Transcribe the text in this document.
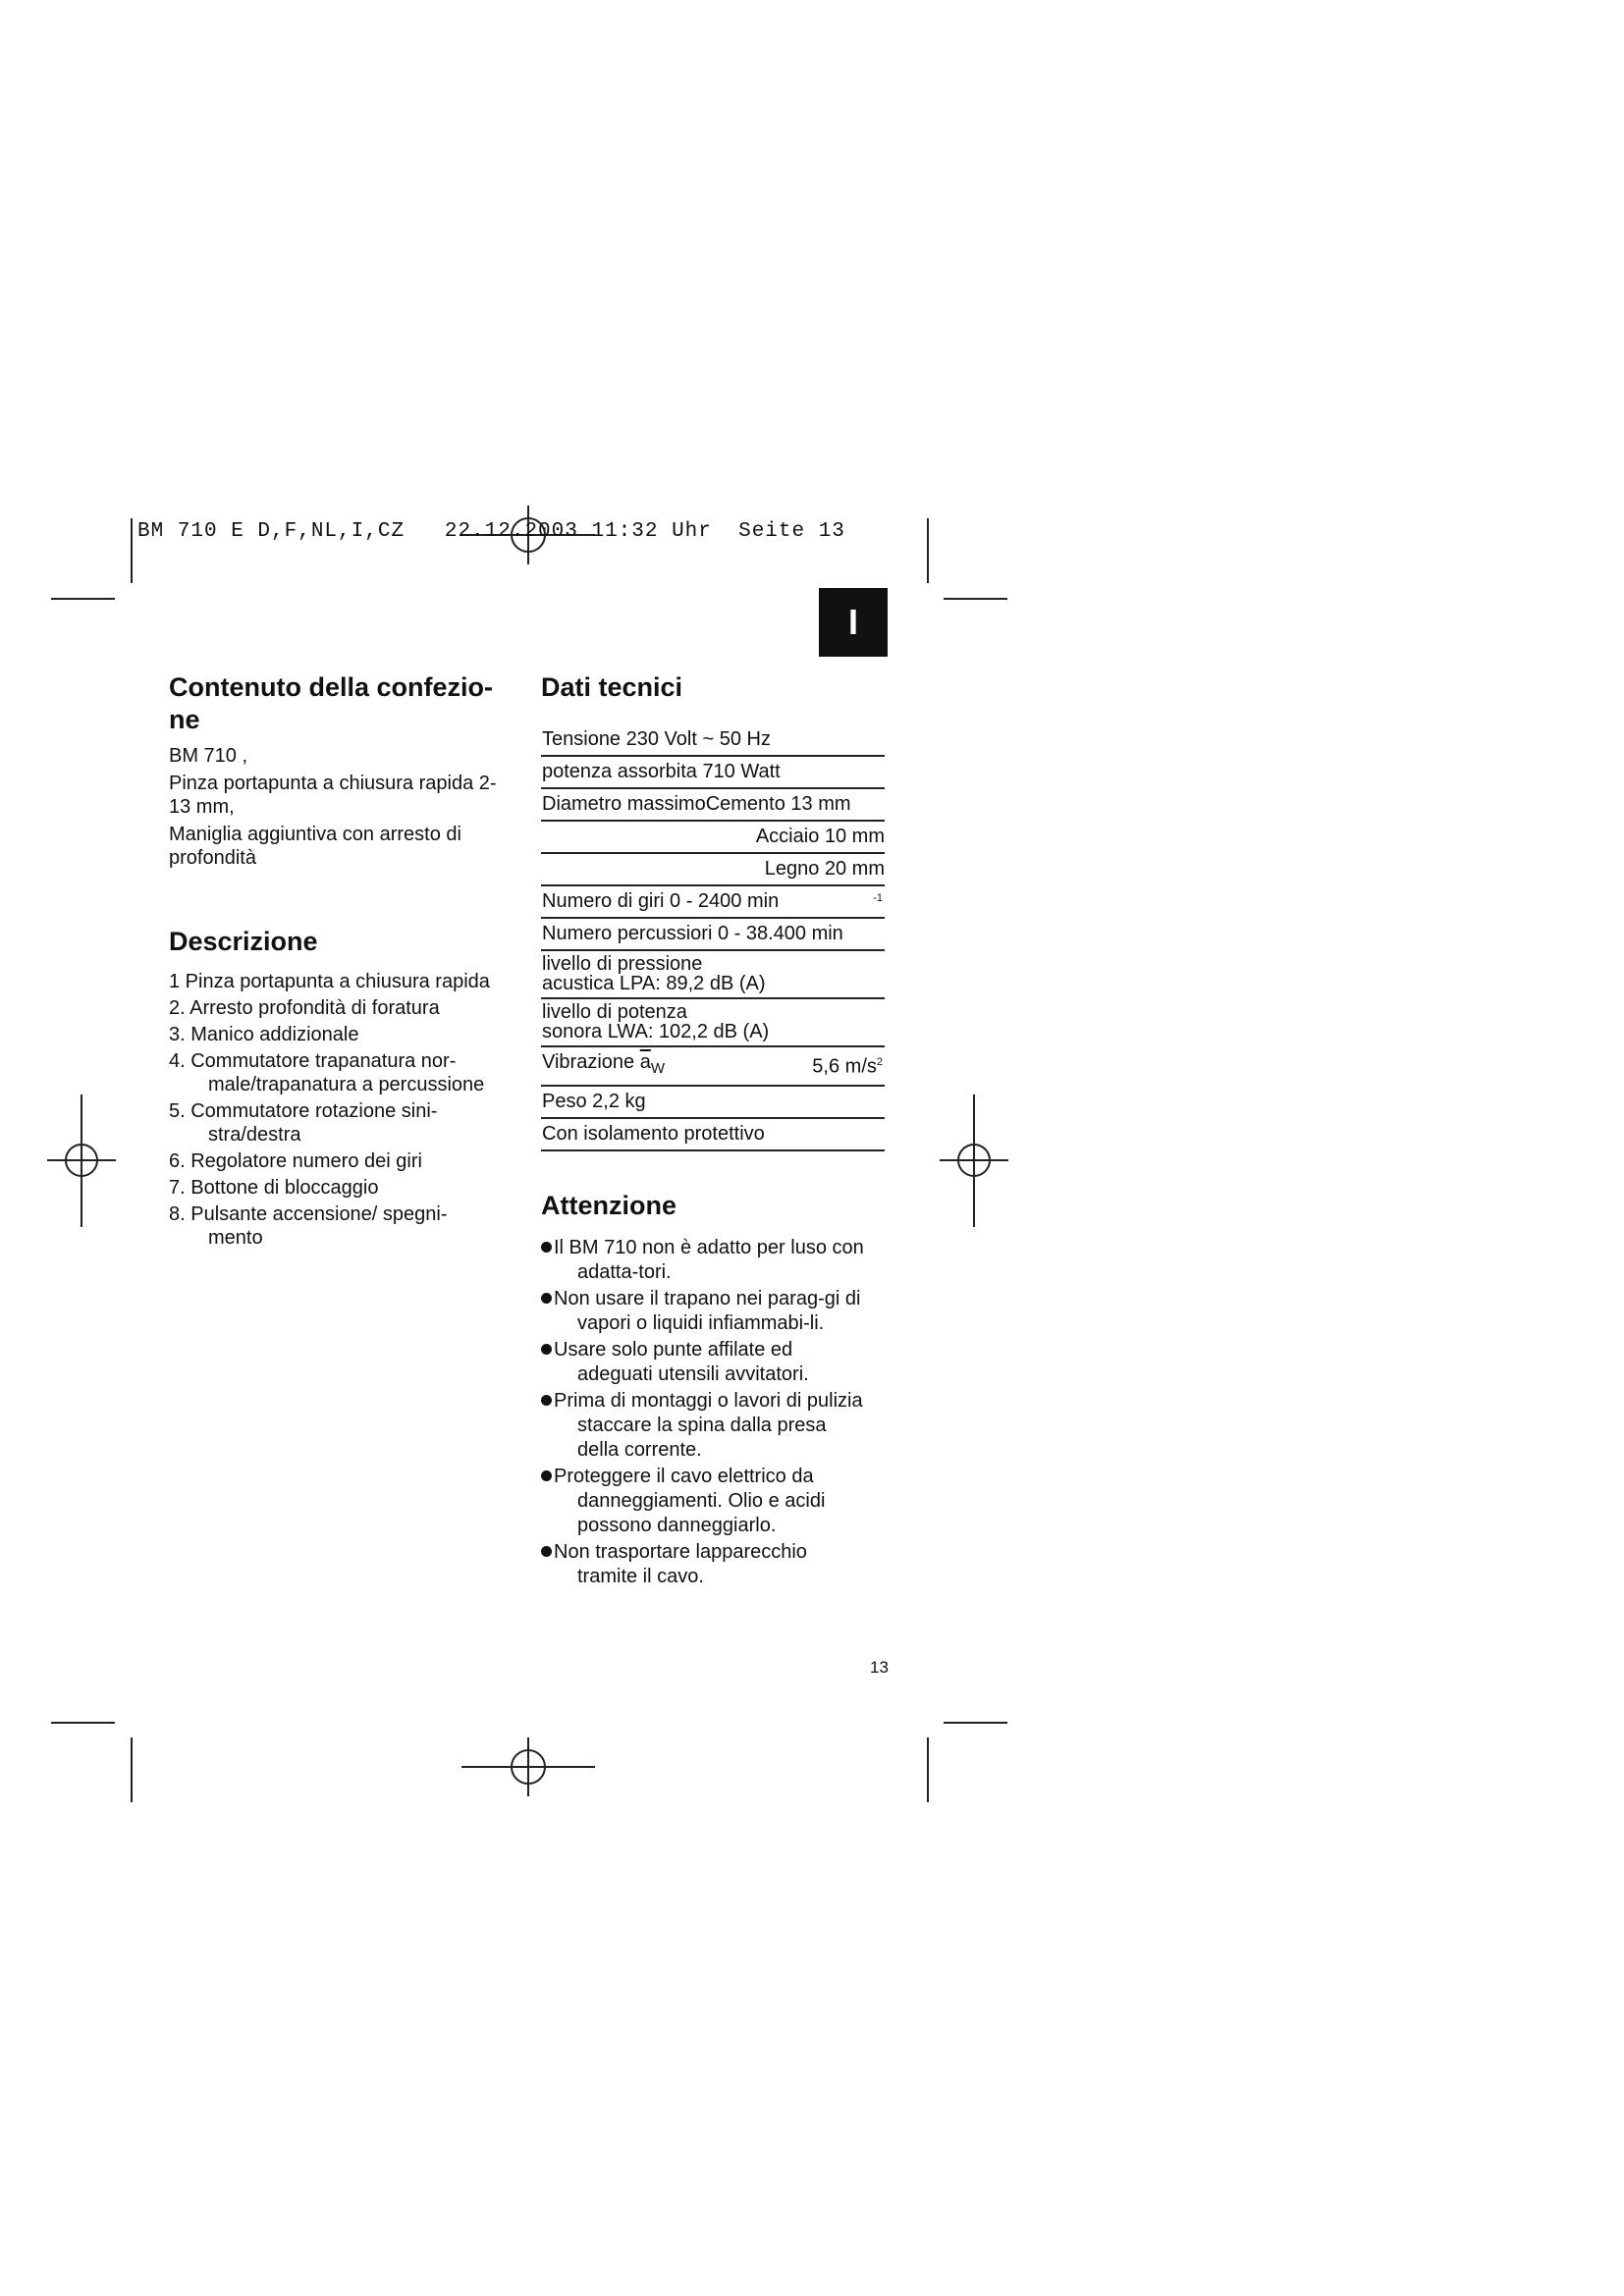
BM 710 E D,F,NL,I,CZ   22.12.2003 11:32 Uhr  Seite 13
I
Contenuto della confezio-ne

BM 710 ,

Pinza portapunta a chiusura rapida 2-13 mm,

Maniglia aggiuntiva con arresto di profondità

Descrizione
1 Pinza portapunta a chiusura rapida
2. Arresto profondità di foratura
3. Manico addizionale
4. Commutatore trapanatura nor-male/trapanatura a percussione
5. Commutatore rotazione sini-stra/destra
6. Regolatore numero dei giri
7. Bottone di bloccaggio
8. Pulsante accensione/ spegni-mento
Dati tecnici
Tensione 230 Volt ~ 50 Hz
potenza assorbita 710 Watt
Diametro massimoCemento 13 mm
Acciaio 10 mm
Legno 20 mm
Numero di giri 0 - 2400 min	-1
Numero percussiori 0 - 38.400 min
livello di pressione
acustica LPA: 89,2 dB (A)
livello di potenza
sonora LWA: 102,2 dB (A)
Vibrazione $\overline{a}_W$	5,6 $m/s^2$
Peso 2,2 kg
Con isolamento protettivo
Attenzione
Il BM 710 non è adatto per luso con adatta-tori.
Non usare il trapano nei parag-gi di vapori o liquidi infiammabi-li.
Usare solo punte affilate ed adeguati utensili avvitatori.
Prima di montaggi o lavori di pulizia staccare la spina dalla presa della corrente.
Proteggere il cavo elettrico da danneggiamenti. Olio e acidi possono danneggiarlo.
Non trasportare lapparecchio tramite il cavo.
13
